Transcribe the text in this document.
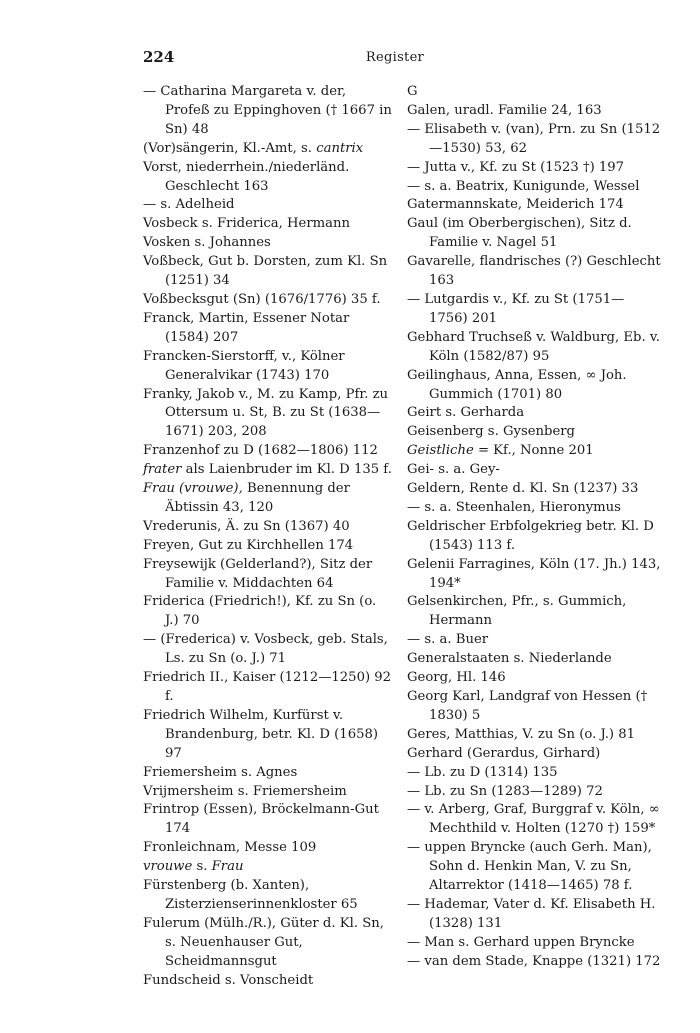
224	Register

— Catharina Margareta v. der, Profeß zu Eppinghoven († 1667 in Sn) 48

(Vor)sängerin, Kl.-Amt, s. cantrix

Vorst, niederrhein./niederländ. Geschlecht 163

— s. Adelheid

Vosbeck s. Friderica, Hermann

Vosken s. Johannes

Voßbeck, Gut b. Dorsten, zum Kl. Sn (1251) 34

Voßbecksgut (Sn) (1676/1776) 35 f.

Franck, Martin, Essener Notar (1584) 207

Francken-Sierstorff, v., Kölner Generalvikar (1743) 170

Franky, Jakob v., M. zu Kamp, Pfr. zu Ottersum u. St, B. zu St (1638—1671) 203, 208

Franzenhof zu D (1682—1806) 112

frater als Laienbruder im Kl. D 135 f.

Frau (vrouwe), Benennung der Äbtissin 43, 120

Vrederunis, Ä. zu Sn (1367) 40

Freyen, Gut zu Kirchhellen 174

Freysewijk (Gelderland?), Sitz der Familie v. Middachten 64

Friderica (Friedrich!), Kf. zu Sn (o. J.) 70

— (Frederica) v. Vosbeck, geb. Stals, Ls. zu Sn (o. J.) 71

Friedrich II., Kaiser (1212—1250) 92 f.

Friedrich Wilhelm, Kurfürst v. Brandenburg, betr. Kl. D (1658) 97

Friemersheim s. Agnes

Vrijmersheim s. Friemersheim

Frintrop (Essen), Bröckelmann-Gut 174

Fronleichnam, Messe 109

vrouwe s. Frau

Fürstenberg (b. Xanten), Zisterzienserinnenkloster 65

Fulerum (Mülh./R.), Güter d. Kl. Sn, s. Neuenhauser Gut, Scheidmannsgut

Fundscheid s. Vonscheidt

G

Galen, uradl. Familie 24, 163

— Elisabeth v. (van), Prn. zu Sn (1512—1530) 53, 62

— Jutta v., Kf. zu St (1523 †) 197

— s. a. Beatrix, Kunigunde, Wessel

Gatermannskate, Meiderich 174

Gaul (im Oberbergischen), Sitz d. Familie v. Nagel 51

Gavarelle, flandrisches (?) Geschlecht 163

— Lutgardis v., Kf. zu St (1751—1756) 201

Gebhard Truchseß v. Waldburg, Eb. v. Köln (1582/87) 95

Geilinghaus, Anna, Essen, ∞ Joh. Gummich (1701) 80

Geirt s. Gerharda

Geisenberg s. Gysenberg

Geistliche = Kf., Nonne 201

Gei- s. a. Gey-

Geldern, Rente d. Kl. Sn (1237) 33

— s. a. Steenhalen, Hieronymus

Geldrischer Erbfolgekrieg betr. Kl. D (1543) 113 f.

Gelenii Farragines, Köln (17. Jh.) 143, 194*

Gelsenkirchen, Pfr., s. Gummich, Hermann

— s. a. Buer

Generalstaaten s. Niederlande

Georg, Hl. 146

Georg Karl, Landgraf von Hessen († 1830) 5

Geres, Matthias, V. zu Sn (o. J.) 81

Gerhard (Gerardus, Girhard)

— Lb. zu D (1314) 135

— Lb. zu Sn (1283—1289) 72

— v. Arberg, Graf, Burggraf v. Köln, ∞ Mechthild v. Holten (1270 †) 159*

— uppen Bryncke (auch Gerh. Man), Sohn d. Henkin Man, V. zu Sn, Altarrektor (1418—1465) 78 f.

— Hademar, Vater d. Kf. Elisabeth H. (1328) 131

— Man s. Gerhard uppen Bryncke

— van dem Stade, Knappe (1321) 172
